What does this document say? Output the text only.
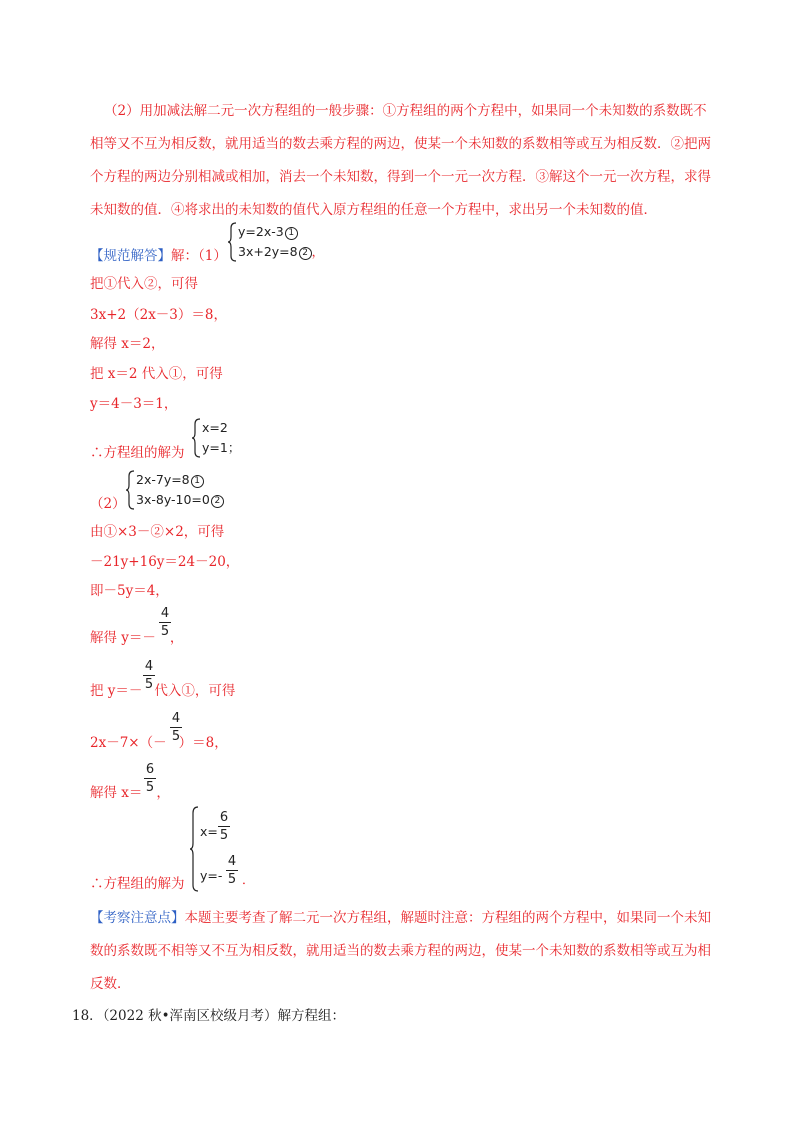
（2）用加减法解二元一次方程组的一般步骤：①方程组的两个方程中，如果同一个未知数的系数既不相等又不互为相反数，就用适当的数去乘方程的两边，使某一个未知数的系数相等或互为相反数．②把两个方程的两边分别相减或相加，消去一个未知数，得到一个一元一次方程．③解这个一元一次方程，求得未知数的值．④将求出的未知数的值代入原方程组的任意一个方程中，求出另一个未知数的值．
【规范解答】解：（1）
y=2x-3 1
3x+2y=8 2 ，
把①代入②，可得
3x+2（2x－3）＝8，
解得 x＝2，
把 x＝2 代入①，可得
y＝4－3＝1，
∴方程组的解为
x=2
y=1；
（2）
2x-7y=8 1
3x-8y-10=0 2
由①×3－②×2，可得
－21y+16y＝24－20，
即－5y＝4，
解得 y＝－ ，
4
5
把 y＝－ 代入①，可得
4
5
2x－7×（－ ）＝8，
4
5
解得 x＝ ，
6
5
∴方程组的解为
x=
6
5
y=-
4
5 ．
【考察注意点】本题主要考查了解二元一次方程组，解题时注意：方程组的两个方程中，如果同一个未知数的系数既不相等又不互为相反数，就用适当的数去乘方程的两边，使某一个未知数的系数相等或互为相反数．
18．（2022 秋•浑南区校级月考）解方程组：
